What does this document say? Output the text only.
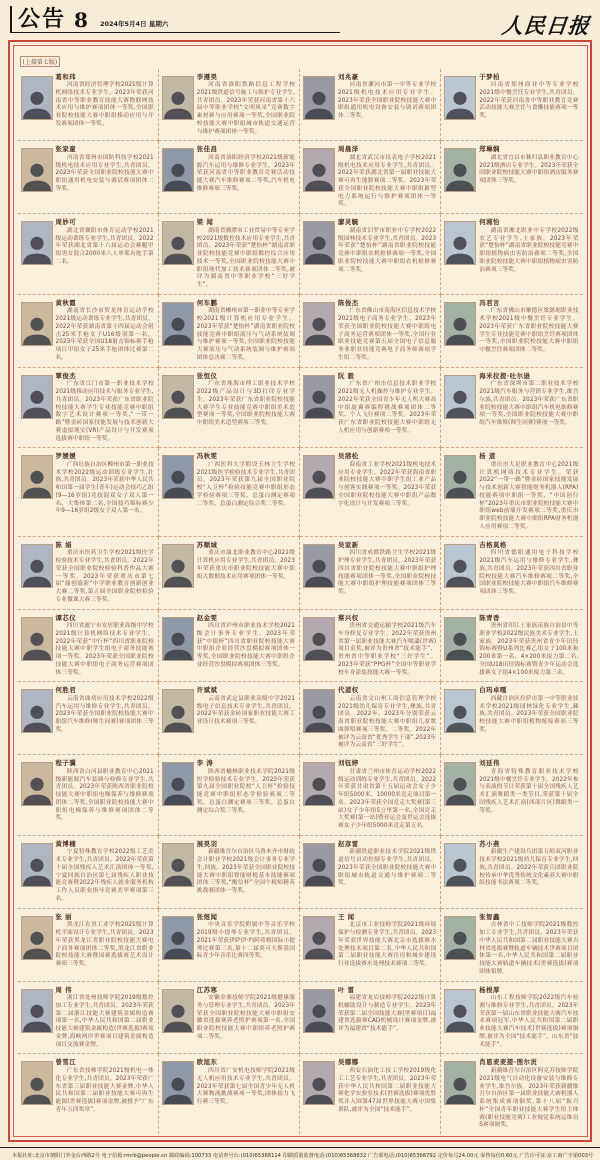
公告 8 2024年5月4日 星期六	人民日报
(上接第七版)
葛和玮
河南省经济管理学校2021级计算机网络技术专业学生。2023年荣获河南省中等职业教育技能大赛物联网技术应用与维护赛项团体一等奖,全国职业院校技能大赛中职组移动应用与开发赛项团体一等奖。
李遵昊
河南省洛阳铁路信息工程学校2021级铁道信号施工与维护专业学生,共青团员。2023年荣获河南省第十六届中等职业学校“文明风采”竞赛数字素材赛与应用赛项一等奖,全国职业院校技能大赛中职组城市轨道交通运营与维护赛项团体一等奖。
刘兆豪
河南省漯河市第一中等专业学校2021级机电技术应用专业学生。2023年荣获全国职业院校技能大赛中职组通用机电设备安装与调试赛项团体二等奖。
于梦柏
河南省郑州商业中等专业学校2021级中餐烹饪专业学生,共青团员。2022年荣获河南省中等职业教育竞赛活动技能大赛烹饪与食雕技能赛项一等奖。
张家童
河南省郑州市国防科技学校2021级机电技术应用专业学生,共青团员。2023年荣获全国职业院校技能大赛中职组通用机电安装与调试赛项团体二等奖。
张佳昌
河南省洛阳经济学校2021级新能源汽车运用与维修专业学生。2023年荣获河南省中等职业教育竞赛活动技能大赛汽车维修赛项二等奖,汽车机电维修赛项三等奖。
周晨泽
湖北省武汉市仪表电子学校2021级机电技术应用专业学生,共青团员。2022年荣获湖北省第一届职业技能大赛可再生能源赛项二等奖。2023年荣获全国职业院校技能大赛中职组新型电力系统运行与维护赛项团体一等奖。
郑琳娴
湖北省宜昌市秭归县职业教育中心2021级酒店专业学生。2023年荣获全国职业院校技能大赛中职组酒店服务赛项团体三等奖。
周妙可
湖北省襄阳市体育运动学校2021级运动训练专业学生,共青团员。2022年荣获湖北省第十六届运动会赛艇甲组男女混合2000米八人单桨有舵手第二名。
梁 闻
湖南省湘潭市工业贸易中等专业学校2021级数控技术应用专业学生,共青团员。2023年荣获“楚怡杯”湖南省职业院校技能竞赛中职组数控综合应用技术一等奖,全国职业院校技能大赛中职组现代加工技术赛项团体二等奖,被评为湖南省中等职业学校“三好学生”。
廖灵毓
湖南省汨罗市职业中专学校2022级园林技术专业学生,共青团员。2023年荣获“楚怡杯”湖南省职业院校技能竞赛中职组农机检修赛项一等奖,全国职业院校技能大赛中职组农机检修赛项二等奖。
何湘怡
湖南省湘北职业中专学校2022级农艺专业学生,土家族。2023年荣获“楚怡杯”湖南省职业院校技能竞赛中职组植物病虫害防治赛项二等奖,全国职业院校技能大赛中职组植物病虫害防治赛项三等奖。
黄秋霞
湖南省长沙市贺龙体育运动学校2021级运动训练专业学生,共青团员。2022年荣获湖南省第十四届运动会射击25米手枪女子U16级别第一名。2023年荣获全国U18射击锦标赛手枪项目甲组女子25米手枪团体比赛第二名。
何车鹏
湖南省郴州市第一职业中等专业学校2021级计算机应用专业学生。2023年荣获“楚怡杯”湖南省职业院校技能竞赛中职组液压与气动系统装调与维护赛项一等奖,全国职业院校技能大赛液压与气动系统装调与维护赛项团体总决赛二等奖。
陈俊杰
广东省佛山市南海区信息技术学校2021级电子商务专业学生。2023年荣获全国职业院校技能大赛中职组电子商务运营赛项团体一等奖,全国行业职业技能竞赛第五届全国电子信息服务业职业技能竞赛电子商务师赛项学生组二等奖。
冯君言
广东省佛山市顺德区梁銶琚职业技术学校2021级中餐烹饪专业学生。2023年荣获广东省职业院校技能大赛学生专业技能竞赛中职组烹饪赛项团体一等奖,全国职业院校技能大赛中职组中餐烹饪赛项团体二等奖。
覃俊杰
广东省江门市第一职业技术学校2021级移动应用技术与服务专业学生,共青团员。2023年荣获广东省职业院校技能大赛学生专业技能竞赛中职组数字艺术设计赛项一等奖,“一带一路”暨金砖国家技能发展与技术创新大赛虚拟现实(VR)产品设计与开发赛项选拔赛中职组一等奖。
张恒仪
广东省珠海市理工职业技术学校2022级产品设计与3D打印专业学生。2023年荣获广东省职业院校技能大赛学生专业技能竞赛中职组美术造型赛项一等奖,全国职业院校技能大赛中职组美术造型赛项三等奖。
阮 毅
广东省广州市信息技术职业学校2021级无人机操控与维护专业学生。2022年荣获全国青少年无人机大赛高中组旋翼赛编程挑战赛项团体二等奖、个人飞行赛项二等奖。2023年荣获广东省职业院校技能大赛中职组无人机应用与创新赛项一等奖。
海米拉提·吐尔逊
广东省深圳市第二职业技术学校2021级汽车服务与营销专业学生,维吾尔族,共青团员。2023年荣获广东省职业院校技能大赛中职组汽车机电维修赛项一等奖,全国职业院校技能大赛中职组汽车维修(师生同赛)赛项一等奖。
罗媛媛
广西壮族自治区柳州市第一职业技术学校2022级运动训练专业学生,壮族,共青团员。2023年荣获中华人民共和国第一届学生(青年)运动会技巧乙组(9—16岁组)竞技混双女子双人第一名、大集体第二名,全国技巧锦标赛少年9—16岁组2级女子双人第一名。
冯秋雯
广西医科大学附设玉林卫生学校2021级医学检验技术专业学生,共青团员。2023年荣获第九届全国职业院校“人卫杯”检验技能竞赛中职组形态学检验赛项三等奖、总蛋白测定赛项二等奖、总蛋白测定综合奖二等奖。
吴港松
海南省工业学校2021级机电技术应用专业学生。2022年荣获海南省职业院校技能大赛中职学生组工业产品与创客实践赛项一等奖。2023年荣获全国职业院校技能大赛中职组产品数字化设计与开发赛项三等奖。
杨 道
重庆市大足职业教育中心2021级计算机网络技术专业学生。荣获2022“一带一路”暨金砖国家技能发展与技术创新大赛智能财务机器人(RPA)技能赛项中职组一等奖、“中国创行杯”2023年重庆市职业院校技能大赛中职组web前端开发赛项二等奖,重庆市职业院校技能大赛中职组RPA财务机器人应用赛项二等奖。
陈 娟
重庆市医药卫生学校2021级医学检验技术专业学生,共青团员。2022年荣获全国职业院校检验科普作品大赛一等奖。2023年荣获重庆市第七届“渝创渝新”中学职业教育创新创业大赛二等奖,第五届全国职业院校检验专业微课大赛三等奖。
苏顺城
重庆市渝北职业教育中心2021级计算机应用专业学生,共青团员。2023年荣获重庆市职业院校技能大赛中职组大数据技术应用赛项团体一等奖。
吴家新
四川省成都铁路卫生学校2021级护理专业学生,共青团员。2023年荣获四川省职业院校技能大赛中职组护理技能赛项团体一等奖,全国职业院校技能大赛中职组护理技能赛项团体三等奖。
吉格莫格
四川省德阳通用电子科技学校2021级汽车运用与维修专业学生,彝族,共青团员。2023年荣获四川省职业院校技能大赛汽车维修赛项二等奖,全国职业院校技能大赛中职组汽车维修赛项团体三等奖。
谭芯仪
四川省遂宁市安居职业高级中学校2021级计算机网络技术专业学生。2022年荣获“中行杯”四川省职业院校技能大赛中职学生组电子商务技能赛项一等奖。2023年荣获全国职业院校技能大赛中职组电子商务运营赛项团体三等奖。
赵金雯
四川省泸州市职业技术学校2021级会计事务专业学生。2023年荣获“中银杯”四川省职业院校技能大赛中职组企业经营沙盘模拟赛项团体一等奖,全国职业院校技能大赛中职组企业经营沙盘模拟赛项团体三等奖。
蔡兴权
贵州省交通运输学校2021级汽车车身修复专业学生。2022年荣获贵州省第一届职业技能大赛汽车喷漆(世赛)项目金奖,被评为贵州省“技术能手”、贵州省中等职业学校“三好学生”。2023年荣获“PPG杯”全国中等职业学校车身涂装技能大赛一等奖。
陈青香
贵州省印江土家族苗族自治县中等职业学校2022级民族美术专业学生,土家族。2023年荣获贵州省青少年田径锦标赛暨U系列比赛乙组女子100米和200米第一名、4×200米接力第二名,全国U18田径锦标赛暨青少年运动会选拔赛女子组4×100米接力第三名。
何胜君
云南省曲靖应用技术学校2022级汽车运用与维修专业学生,共青团员。2023年荣获全国职业院校技能大赛中职组汽车维修(师生同赛)赛项团体三等奖。
许斌斌
云南省武定县职业高级中学2021级电子信息技术专业学生,共青团员。2022年荣获金砖国家职业技能大赛工业设计技术赛项三等奖。
代道权
云南省文山州工商信息管理学校2021级幼儿保育专业学生,彝族,共青团员。2022年、2023年分别荣获云南省职业院校技能大赛中职组儿童歌曲弹唱赛项三等奖、二等奖。2022年被评为云南省“优秀学生干部”,2023年被评为云南省“三好学生”。
白玛卓嘎
西藏自治区拉萨市第一中等职业技术学校2021级园林绿化专业学生,藏族,共青团员。2023年荣获全国职业院校技能大赛中职组植物嫁接赛项三等奖。
程子骥
陕西省白河县职业教育中心2021级新能源汽车装调与检修专业学生,共青团员。2023年荣获陕西省职业院校技能大赛中职组电梯保养与维修赛项团体二等奖,全国职业院校技能大赛中职组电梯保养与维修赛项团体二等奖。
李 涛
陕西省榆林职业技术学院2021级医学检验技术专业学生。2023年荣获第九届全国职业院校“人卫杯”检验技能竞赛中职组形态学检验赛项二等奖、总蛋白测定赛项三等奖、总蛋白测定综合奖三等奖。
刘钰婷
甘肃省兰州市体育运动学校2022级运动训练专业学生,共青团员。2022年荣获甘肃省第十五届运动会女子少年组5000米、10000米竞走项目第一名。2023年荣获全国竞走大奖赛(第三站)女子少年组5公里第一名,全国竞走大奖赛(第一站)暨亚运会及世运会选拔赛女子少年组5000米竞走第五名。
刘延伟
青海省特殊教育职业技术学校2021级中餐烹饪专业学生。2022年参与表演的节目荣获第十届全国残疾人艺术汇演舞蹈类一类节目,荣获第十届全国残疾人艺术汇演(西部片区)舞蹈类一等奖。
黄博楠
宁夏特殊教育学校2022级工艺美术专业学生,共青团员。2022年荣获第十届全国残疾人艺术汇演团体一等奖,宁夏回族自治区第七届残疾人职业技能竞赛暨2022年残疾人就业服务机构工作人员职业指导竞赛美甲赛项第三名。
展昊羽
新疆维吾尔自治区乌鲁木齐市财政会计职业学校2021级会计事务专业学生,回族。2023年荣获全国职业院校技能大赛中职组智能财税基本技能赛项团体三等奖,“衡信杯”全国个税师精英挑战赛团体一等奖。
赵彦雷
新疆铁道职业技术学院2021级铁道信号自动控制专业学生,共青团员。2023年荣获全国职业院校技能大赛中职组城市轨道交通与维护赛项二等奖。
苏小燕
新疆生产建设兵团第五师双河职业技术学校2021级幼儿保育专业学生,回族,共青团员。2022年荣获兵团职业院校传承中华优秀传统文化素养大赛中职组技能书法赛项二等奖。
张 丽
黑龙江农垦工业学校2021级计算机平面设计专业学生,共青团员。2023年荣获黑龙江省职业院校技能大赛电子商务赛项团体二等奖,黑龙江省职业院校技能大赛暨国赛选拔赛艺术设计赛项三等奖。
张煜闻
中央音乐学院附属中等音乐学校2019级小提琴专业学生,共青团员。2021年荣获伊萨伊·约阿希姆国际小提琴比赛第三名,第十二届莫可夫斯基国际青少年音乐比赛四等奖。
王 闻
北京市工业技师学院2021级环境保护与检测专业学生,共青团员。2023年荣获世界技能大赛北京市选拔赛水处理技术项目第二名,中华人民共和国第二届职业技能大赛住房和城乡建设行业选拔赛水处理技术赛项二等奖。
张智鑫
吉林省中工技师学院2021级数控加工专业学生,共青团员。2023年荣获中华人民共和国第二届职业技能大赛吉林省选拔赛暨轨道车辆技术世赛项目团体第一名,中华人民共和国第二届职业技能大赛轨道车辆技术(世赛选拔)赛项团体银牌。
周 伟
浙江省处州技师学院2019级数控加工专业学生,共青团员。2023年荣获第二届浙江技能大赛建筑金属构造赛项第一名,中华人民共和国第二届职业技能大赛建筑金属构造(世赛选拔)赛项金牌,海峡两岸世赛项目建筑金属构造项目交流赛金牌。
江苏寒
安徽金寨技师学院2021级健康服务与管理专业学生,共青团员。2023年荣获全国职业院校技能大赛中职组安徽省选拔赛养老照护赛项第一名,全国职业院校技能大赛中职组养老照护赛项二等奖。
叶 雷
福建省龙岩技师学院2022级计算机辅助设计与制造专业学生。2023年荣获第二届全国技能大赛(世赛项目)福建省选拔赛CAD机械设计赛项金牌,被评为福建省“技术能手”。
杨根厚
山东工程技师学院2022级汽车检测与维修专业学生,共青团员。2023年荣获第一届山东省职业技能大赛汽车技术赛项冠军,中华人民共和国第二届职业技能大赛汽车技术(世赛选拔)赛项铜牌,被评为全国“技术能手”、山东省“技术能手”。
曾雪江
广东省技师学院2021级机电一体化专业学生,共青团员。2023年荣获广东省第三届职业技能大赛金牌,中华人民共和国第二届职业技能大赛可再生能源(世赛选拔)赛项金牌,被授予“广东青年五四奖章”。
欧旭东
四川省广安机电技师学院2021级无人机应用技术专业学生,共青团员。2023年荣获第七届全国青少年无人机大赛物流挑战赛项一等奖,团体接力飞行赛三等奖。
吴娜娜
西安石油化工技工学校2019级化工工艺专业学生,共青团员。2023年荣获中华人民共和国第二届职业技能大赛化学实验室技术(世赛选拔)赛项优胜奖并入围第47届世界技能大赛中国集训队,被评为全国“技术能手”。
肖恩麦麦提·图尔贡
新疆维吾尔自治区阿克苏技师学院2021级电气自动化设备安装与维修专业学生,维吾尔族。2023年荣获新疆维吾尔自治区第一届职业技能大赛机器人系统集成赛项铜奖,第十八届“振兴杯”全国青年职业技能大赛学生组主体赛(职业技能竞赛)工业视觉系统运维员S赛项铜奖。
本报社址:北京市朝阳门外金台西路2号 电子信箱:rmrb@people.cn 邮政编码:100733 电话查号台:(010)65368114 印刷质量监督电话:(010)65368832 广告部电话:(010)65368792 定价每月24.00元 零售每份0.60元 广告许可证:京工商广字第003号
